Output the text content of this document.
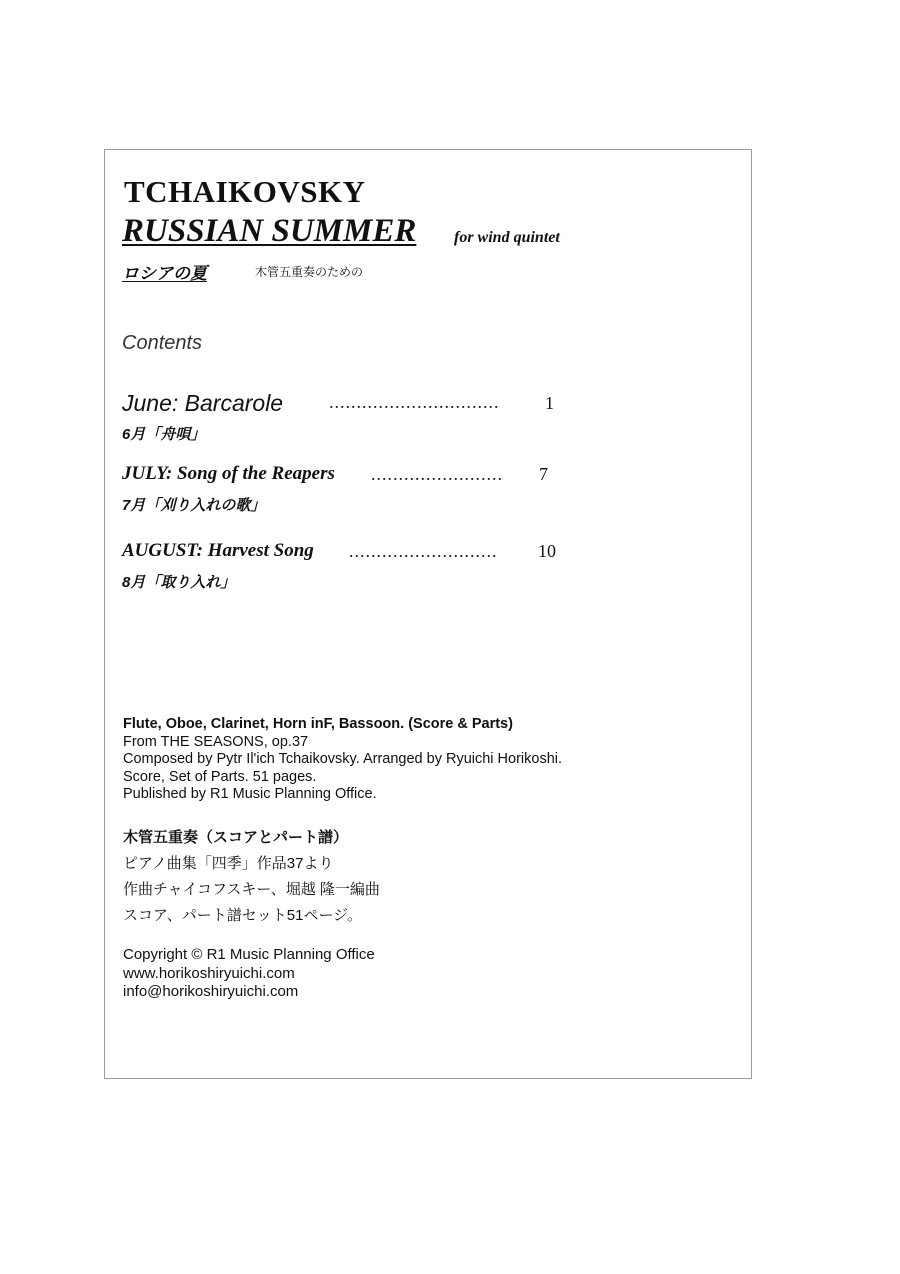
TCHAIKOVSKY
RUSSIAN SUMMER for wind quintet
ロシアの夏	木管五重奏のための
Contents
June: Barcarole	...............................	1
6月「舟唄」
JULY: Song of the Reapers ........................ 7
7月「刈り入れの歌」
AUGUST: Harvest Song ........................... 10
8月「取り入れ」
Flute, Oboe, Clarinet, Horn inF, Bassoon. (Score & Parts)
From THE SEASONS, op.37
Composed by Pytr Il'ich Tchaikovsky. Arranged by Ryuichi Horikoshi.
Score, Set of Parts. 51 pages.
Published by R1 Music Planning Office.
木管五重奏（スコアとパート譜）
ピアノ曲集「四季」作品37より
作曲チャイコフスキー、堀越 隆一編曲
スコア、パート譜セット51ページ。
Copyright © R1 Music Planning Office
www.horikoshiryuichi.com
info@horikoshiryuichi.com
